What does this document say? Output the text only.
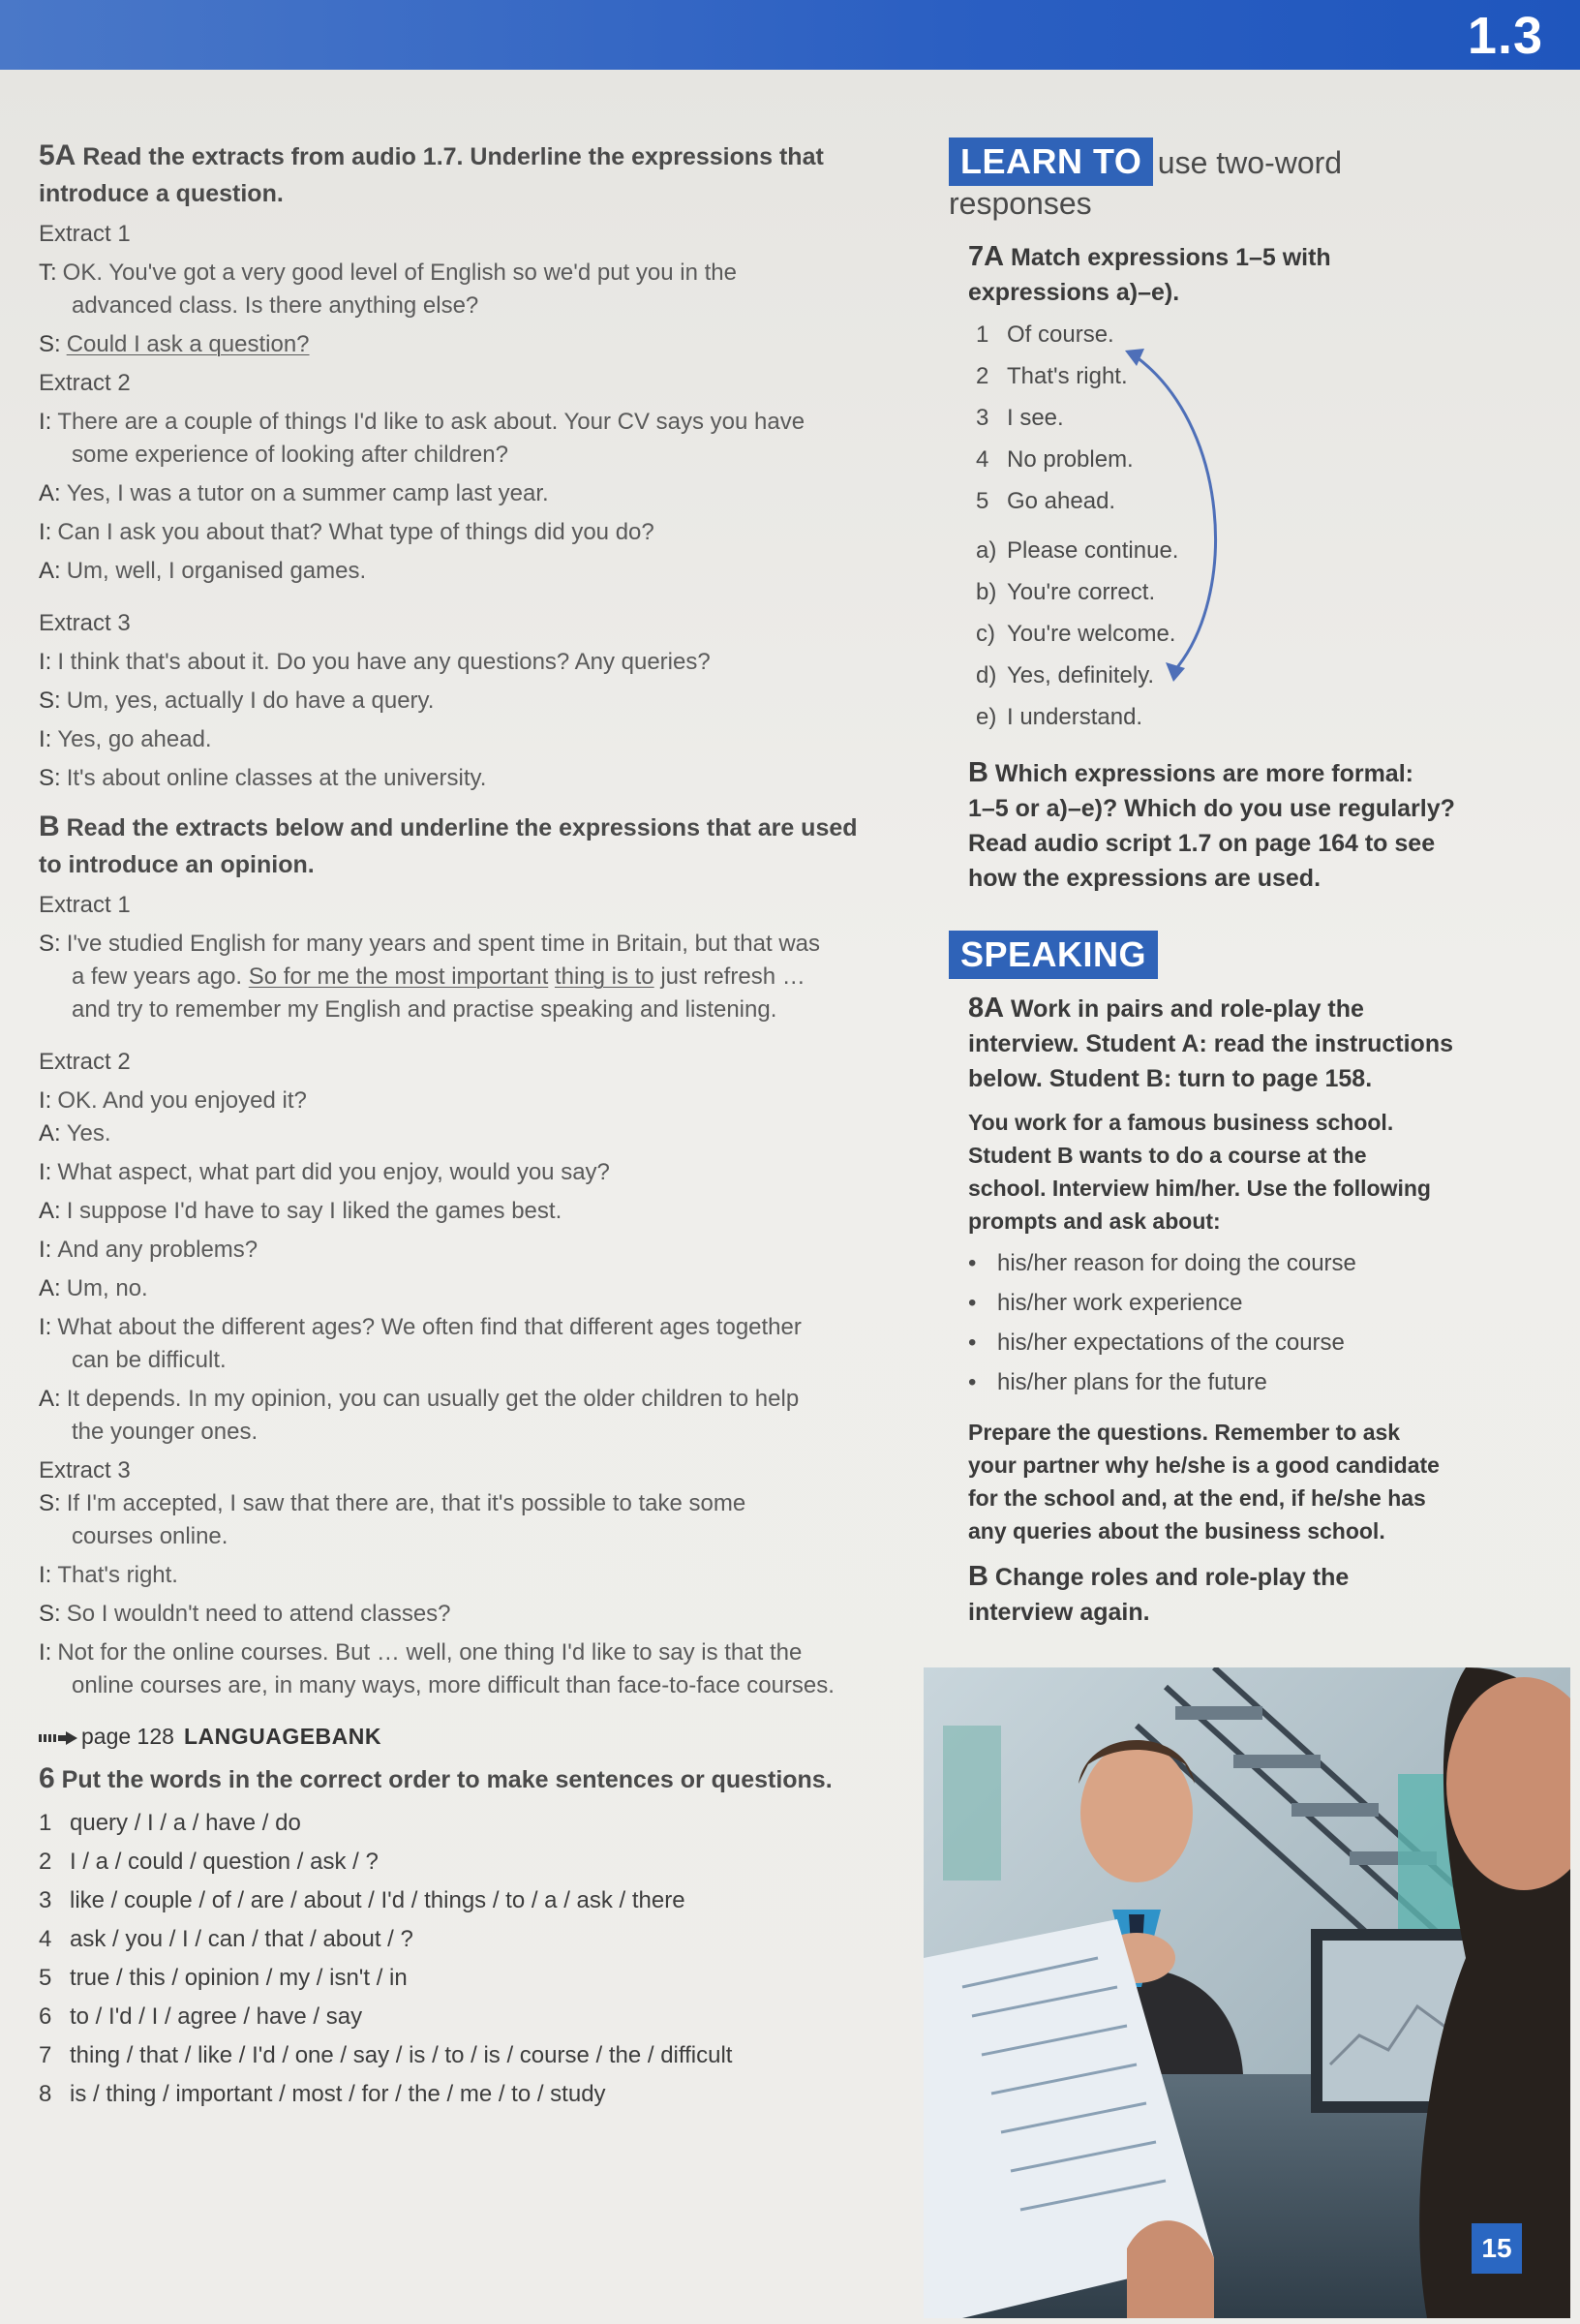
1.3

5A Read the extracts from audio 1.7. Underline the expressions that
introduce a question.

Extract 1

T: OK. You've got a very good level of English so we'd put you in the
advanced class. Is there anything else?
S: Could I ask a question?

Extract 2

I: There are a couple of things I'd like to ask about. Your CV says you have
some experience of looking after children?
A: Yes, I was a tutor on a summer camp last year.
I: Can I ask you about that? What type of things did you do?
A: Um, well, I organised games.

Extract 3

I: I think that's about it. Do you have any questions? Any queries?
S: Um, yes, actually I do have a query.
I: Yes, go ahead.
S: It's about online classes at the university.

B Read the extracts below and underline the expressions that are used
to introduce an opinion.

Extract 1

S: I've studied English for many years and spent time in Britain, but that was
a few years ago. So for me the most important thing is to just refresh …
and try to remember my English and practise speaking and listening.

Extract 2

I: OK. And you enjoyed it?
A: Yes.
I: What aspect, what part did you enjoy, would you say?
A: I suppose I'd have to say I liked the games best.
I: And any problems?
A: Um, no.
I: What about the different ages? We often find that different ages together
can be difficult.
A: It depends. In my opinion, you can usually get the older children to help
the younger ones.

Extract 3

S: If I'm accepted, I saw that there are, that it's possible to take some
courses online.
I: That's right.
S: So I wouldn't need to attend classes?
I: Not for the online courses. But … well, one thing I'd like to say is that the
online courses are, in many ways, more difficult than face-to-face courses.
page 128 LANGUAGEBANK

6 Put the words in the correct order to make sentences or questions.

1 query / I / a / have / do
2 I / a / could / question / ask / ?
3 like / couple / of / are / about / I'd / things / to / a / ask / there
4 ask / you / I / can / that / about / ?
5 true / this / opinion / my / isn't / in
6 to / I'd / I / agree / have / say
7 thing / that / like / I'd / one / say / is / to / is / course / the / difficult
8 is / thing / important / most / for / the / me / to / study
LEARN TO use two-word
responses

7A Match expressions 1–5 with
expressions a)–e).

1 Of course.
2 That's right.
3 I see.
4 No problem.
5 Go ahead.
a) Please continue.
b) You're correct.
c) You're welcome.
d) Yes, definitely.
e) I understand.

B Which expressions are more formal:
1–5 or a)–e)? Which do you use regularly?
Read audio script 1.7 on page 164 to see
how the expressions are used.

SPEAKING

8A Work in pairs and role-play the
interview. Student A: read the instructions
below. Student B: turn to page 158.

You work for a famous business school.
Student B wants to do a course at the
school. Interview him/her. Use the following
prompts and ask about:

• his/her reason for doing the course
• his/her work experience
• his/her expectations of the course
• his/her plans for the future

Prepare the questions. Remember to ask
your partner why he/she is a good candidate
for the school and, at the end, if he/she has
any queries about the business school.

B Change roles and role-play the
interview again.

15
